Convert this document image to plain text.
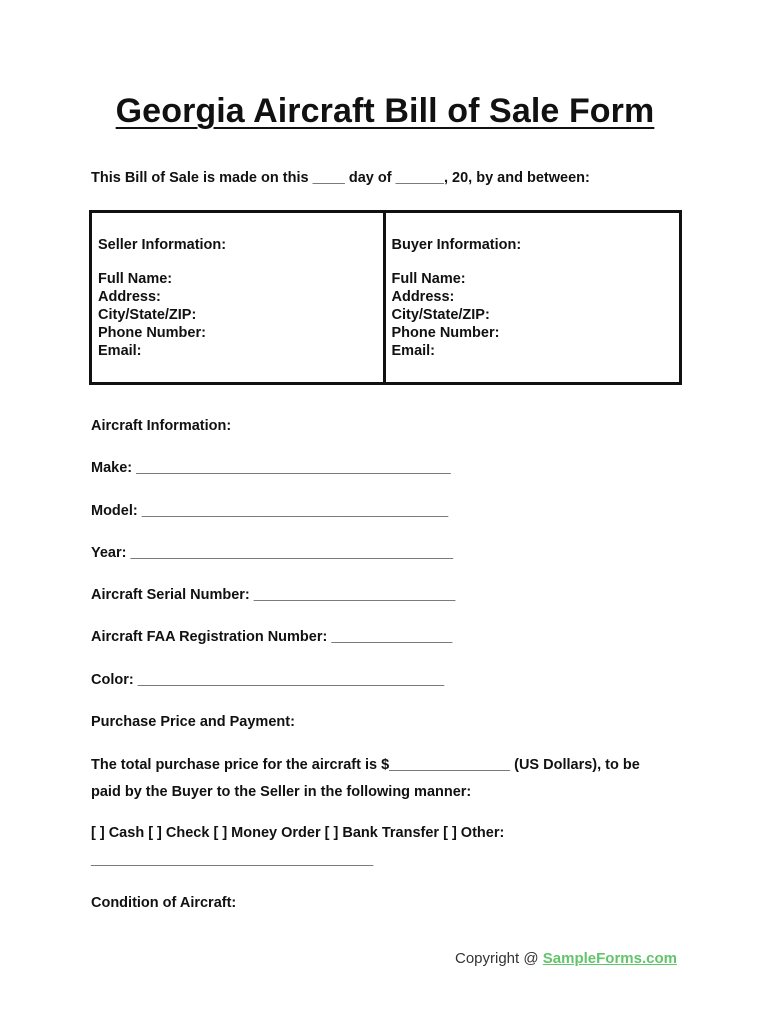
Georgia Aircraft Bill of Sale Form
This Bill of Sale is made on this ____ day of ______, 20, by and between:
Seller Information:
Full Name:
Address:
City/State/ZIP:
Phone Number:
Email:
Buyer Information:
Full Name:
Address:
City/State/ZIP:
Phone Number:
Email:
Aircraft Information:
Make: _______________________________________
Model: ______________________________________
Year: ________________________________________
Aircraft Serial Number: _________________________
Aircraft FAA Registration Number: _______________
Color: ______________________________________
Purchase Price and Payment:
The total purchase price for the aircraft is $_______________ (US Dollars), to be
paid by the Buyer to the Seller in the following manner:
[ ] Cash [ ] Check [ ] Money Order [ ] Bank Transfer [ ] Other:
___________________________________
Condition of Aircraft:
Copyright @ SampleForms.com
